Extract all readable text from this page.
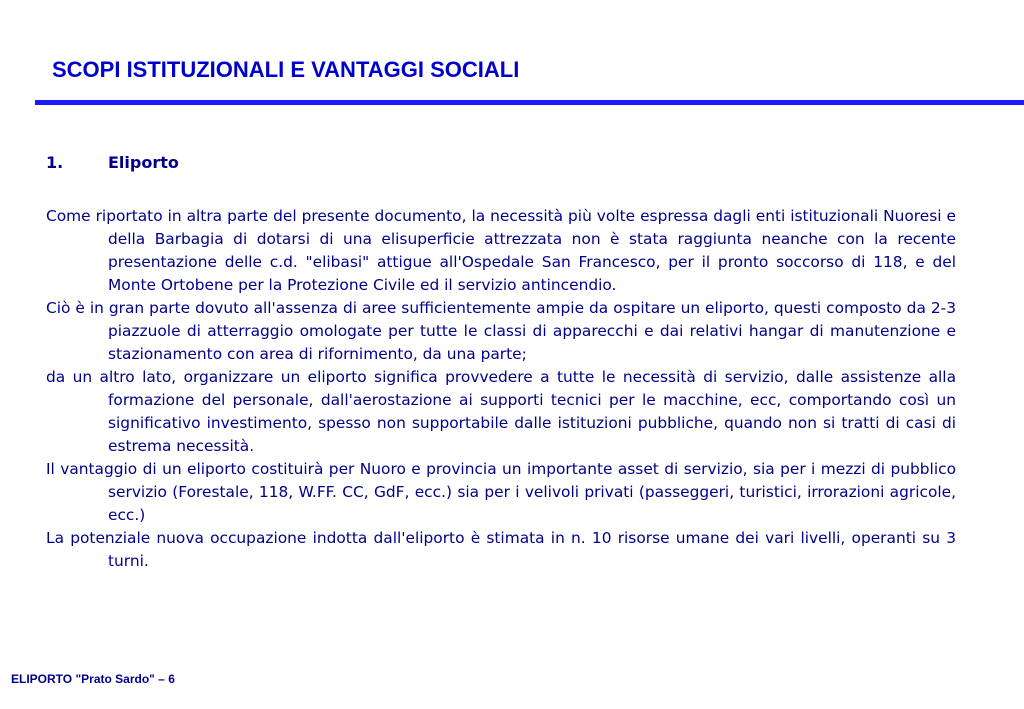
SCOPI ISTITUZIONALI E VANTAGGI SOCIALI
1.	Eliporto

Come riportato in altra parte del presente documento, la necessità più volte espressa dagli enti istituzionali Nuoresi e della Barbagia di dotarsi di una elisuperficie attrezzata non è stata raggiunta neanche con la recente presentazione delle c.d. "elibasi" attigue all'Ospedale San Francesco, per il pronto soccorso di 118, e del Monte Ortobene per la Protezione Civile ed il servizio antincendio.

Ciò è in gran parte dovuto all'assenza di aree sufficientemente ampie da ospitare un eliporto, questi composto da 2-3 piazzuole di atterraggio omologate per tutte le classi di apparecchi e dai relativi hangar di manutenzione e stazionamento con area di rifornimento, da una parte;

da un altro lato, organizzare un eliporto significa provvedere a tutte le necessità di servizio, dalle assistenze alla formazione del personale, dall'aerostazione ai supporti tecnici per le macchine, ecc, comportando così un significativo investimento, spesso non supportabile dalle istituzioni pubbliche, quando non si tratti di casi di estrema necessità.

Il vantaggio di un eliporto costituirà per Nuoro e provincia un importante asset di servizio, sia per i mezzi di pubblico servizio (Forestale, 118, W.FF. CC, GdF, ecc.) sia per i velivoli privati (passeggeri, turistici, irrorazioni agricole, ecc.)

La potenziale nuova occupazione indotta dall'eliporto è stimata in n. 10 risorse umane dei vari livelli, operanti su 3 turni.

ELIPORTO "Prato Sardo" – 6
